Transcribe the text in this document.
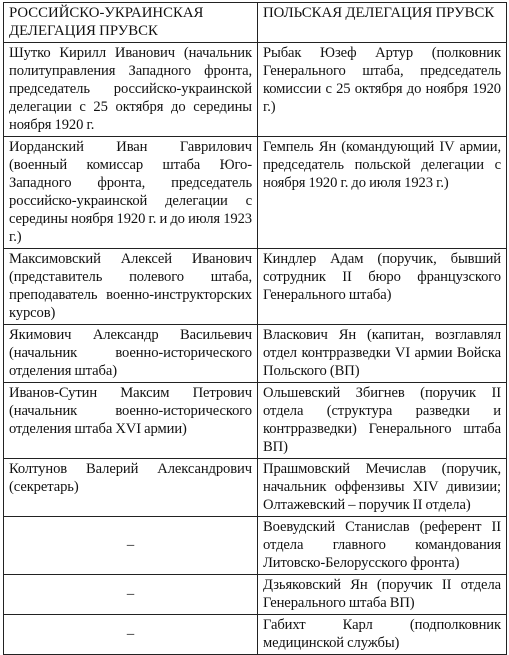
РОССИЙСКО-УКРАИНСКАЯ ДЕЛЕГАЦИЯ ПРУВСК	ПОЛЬСКАЯ ДЕЛЕГАЦИЯ ПРУВСК
Шутко Кирилл Иванович (начальник политуправления Западного фронта, председатель российско-украинской делегации с 25 октября до середины ноября 1920 г.	Рыбак Юзеф Артур (полковник Генерального штаба, председатель комиссии с 25 октября до ноября 1920 г.)
Иорданский Иван Гаврилович (военный комиссар штаба Юго-Западного фронта, председатель российско-украинской делегации с середины ноября 1920 г. и до июля 1923 г.)	Гемпель Ян (командующий IV армии, председатель польской делегации с ноября 1920 г. до июля 1923 г.)
Максимовский Алексей Иванович (представитель полевого штаба, преподаватель военно-инструкторских курсов)	Киндлер Адам (поручик, бывший сотрудник II бюро французского Генерального штаба)
Якимович Александр Васильевич (начальник военно-исторического отделения штаба)	Власкович Ян (капитан, возглавлял отдел контрразведки VI армии Войска Польского (ВП)
Иванов-Сутин Максим Петрович (начальник военно-исторического отделения штаба XVI армии)	Ольшевский Збигнев (поручик II отдела (структура разведки и контрразведки) Генерального штаба ВП)
Колтунов Валерий Александрович (секретарь)	Прашмовский Мечислав (поручик, начальник оффензивы XIV дивизии; Олтажевский – поручик II отдела)
–	Воевудский Станислав (референт II отдела главного командования Литовско-Белорусского фронта)
–	Дзьяковский Ян (поручик II отдела Генерального штаба ВП)
–	Габихт Карл (подполковник медицинской службы)
